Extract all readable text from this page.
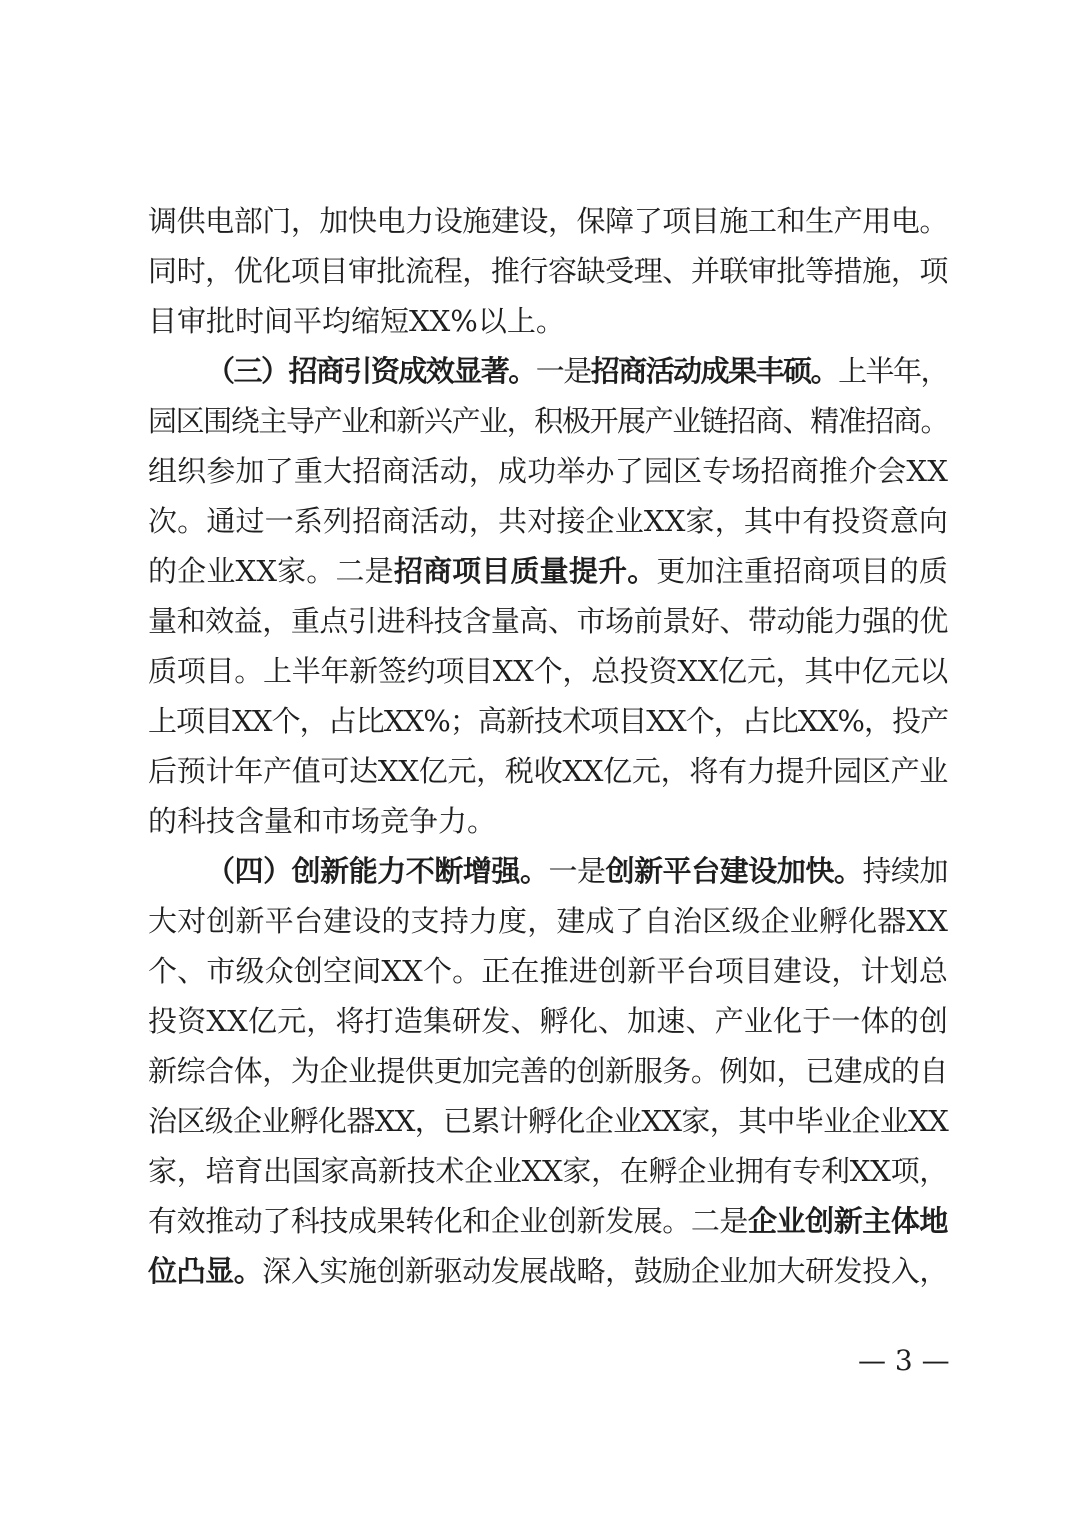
调供电部门，加快电力设施建设，保障了项目施工和生产用电。
同时，优化项目审批流程，推行容缺受理、并联审批等措施，项
目审批时间平均缩短XX%以上。
（三）招商引资成效显著。一是招商活动成果丰硕。上半年，
园区围绕主导产业和新兴产业，积极开展产业链招商、精准招商。
组织参加了重大招商活动，成功举办了园区专场招商推介会XX
次。通过一系列招商活动，共对接企业XX家，其中有投资意向
的企业XX家。二是招商项目质量提升。更加注重招商项目的质
量和效益，重点引进科技含量高、市场前景好、带动能力强的优
质项目。上半年新签约项目XX个，总投资XX亿元，其中亿元以
上项目XX个，占比XX%；高新技术项目XX个，占比XX%，投产
后预计年产值可达XX亿元，税收XX亿元，将有力提升园区产业
的科技含量和市场竞争力。
（四）创新能力不断增强。一是创新平台建设加快。持续加
大对创新平台建设的支持力度，建成了自治区级企业孵化器XX
个、市级众创空间XX个。正在推进创新平台项目建设，计划总
投资XX亿元，将打造集研发、孵化、加速、产业化于一体的创
新综合体，为企业提供更加完善的创新服务。例如，已建成的自
治区级企业孵化器XX，已累计孵化企业XX家，其中毕业企业XX
家，培育出国家高新技术企业XX家，在孵企业拥有专利XX项，
有效推动了科技成果转化和企业创新发展。二是企业创新主体地
位凸显。深入实施创新驱动发展战略，鼓励企业加大研发投入，
— 3 —
